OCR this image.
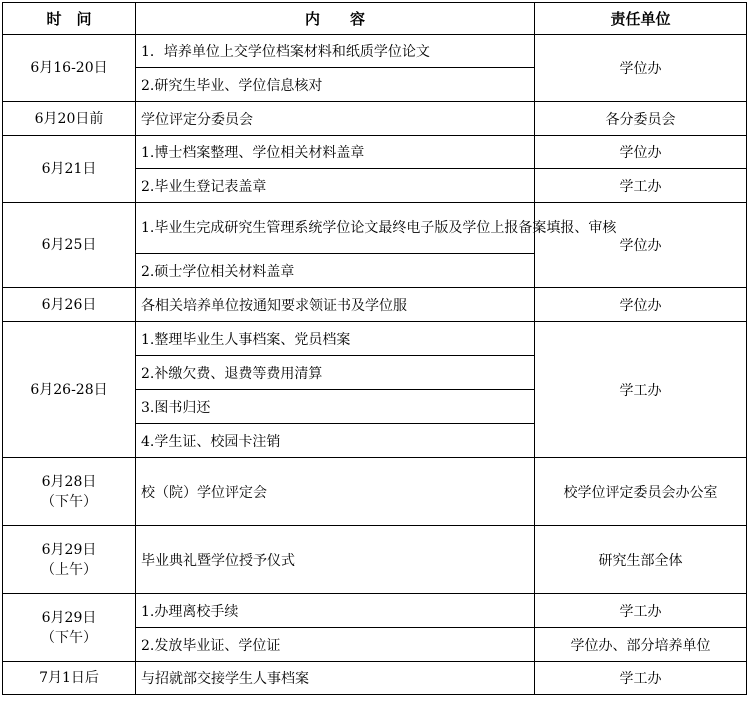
时　问	内　　容	责任单位
6月16-20日	1．培养单位上交学位档案材料和纸质学位论文	学位办
	2.研究生毕业、学位信息核对	
6月20日前	学位评定分委员会	各分委员会
6月21日	1.博士档案整理、学位相关材料盖章	学位办
	2.毕业生登记表盖章	学工办
6月25日	1.毕业生完成研究生管理系统学位论文最终电子版及学位上报备案填报、审核	学位办
	2.硕士学位相关材料盖章	
6月26日	各相关培养单位按通知要求领证书及学位服	学位办
6月26-28日	1.整理毕业生人事档案、党员档案	学工办
	2.补缴欠费、退费等费用清算	
	3.图书归还	
	4.学生证、校园卡注销	

6月28日
（下午）	校（院）学位评定会	校学位评定委员会办公室

6月29日
（上午）	毕业典礼暨学位授予仪式	研究生部全体

6月29日
（下午）	1.办理离校手续	学工办
	2.发放毕业证、学位证	学位办、部分培养单位
7月1日后	与招就部交接学生人事档案	学工办
